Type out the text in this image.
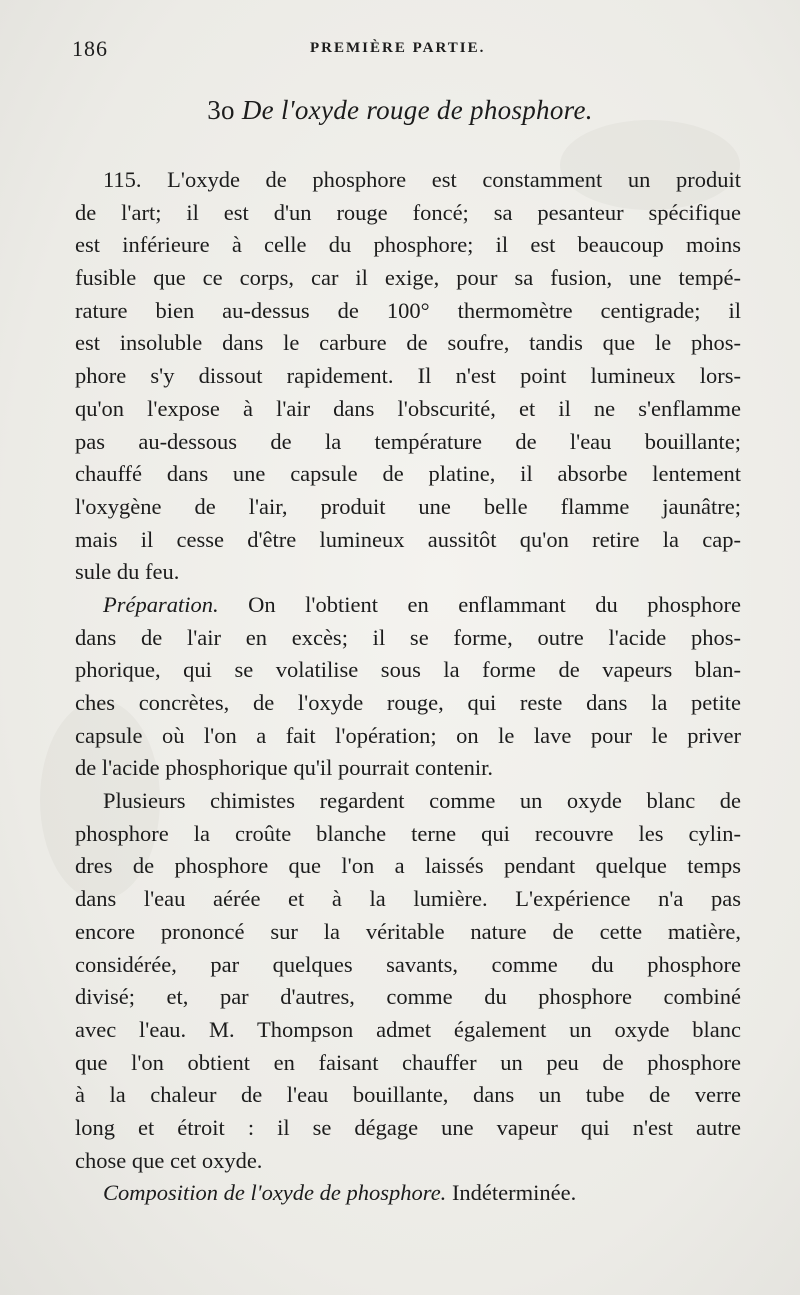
186	PREMIÈRE PARTIE.
3o De l'oxyde rouge de phosphore.
115. L'oxyde de phosphore est constamment un produit
de l'art; il est d'un rouge foncé; sa pesanteur spécifique
est inférieure à celle du phosphore; il est beaucoup moins
fusible que ce corps, car il exige, pour sa fusion, une tempé-
rature bien au-dessus de 100° thermomètre centigrade; il
est insoluble dans le carbure de soufre, tandis que le phos-
phore s'y dissout rapidement. Il n'est point lumineux lors-
qu'on l'expose à l'air dans l'obscurité, et il ne s'enflamme
pas au-dessous de la température de l'eau bouillante;
chauffé dans une capsule de platine, il absorbe lentement
l'oxygène de l'air, produit une belle flamme jaunâtre;
mais il cesse d'être lumineux aussitôt qu'on retire la cap-
sule du feu.
Préparation. On l'obtient en enflammant du phosphore
dans de l'air en excès; il se forme, outre l'acide phos-
phorique, qui se volatilise sous la forme de vapeurs blan-
ches concrètes, de l'oxyde rouge, qui reste dans la petite
capsule où l'on a fait l'opération; on le lave pour le priver
de l'acide phosphorique qu'il pourrait contenir.
Plusieurs chimistes regardent comme un oxyde blanc de
phosphore la croûte blanche terne qui recouvre les cylin-
dres de phosphore que l'on a laissés pendant quelque temps
dans l'eau aérée et à la lumière. L'expérience n'a pas
encore prononcé sur la véritable nature de cette matière,
considérée, par quelques savants, comme du phosphore
divisé; et, par d'autres, comme du phosphore combiné
avec l'eau. M. Thompson admet également un oxyde blanc
que l'on obtient en faisant chauffer un peu de phosphore
à la chaleur de l'eau bouillante, dans un tube de verre
long et étroit : il se dégage une vapeur qui n'est autre
chose que cet oxyde.
Composition de l'oxyde de phosphore. Indéterminée.
